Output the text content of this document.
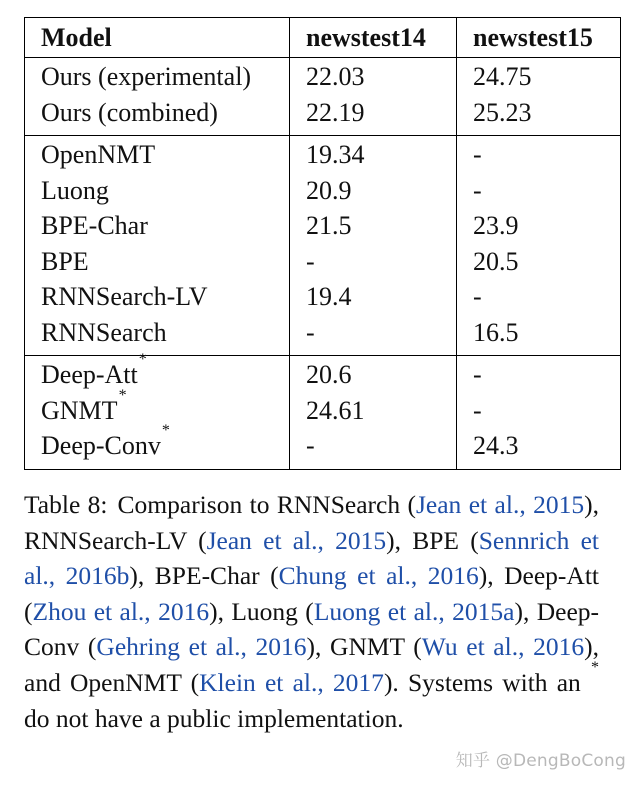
Model	newstest14	newstest15
Ours (experimental)	22.03	24.75
Ours (combined)	22.19	25.23
OpenNMT	19.34	-
Luong	20.9	-
BPE-Char	21.5	23.9
BPE	-	20.5
RNNSearch-LV	19.4	-
RNNSearch	-	16.5
Deep-Att*	20.6	-
GNMT*	24.61	-
Deep-Conv*	-	24.3

Table 8: Comparison to RNNSearch (Jean et al., 2015), RNNSearch-LV (Jean et al., 2015), BPE (Sennrich et al., 2016b), BPE-Char (Chung et al., 2016), Deep-Att (Zhou et al., 2016), Luong (Luong et al., 2015a), Deep-Conv (Gehring et al., 2016), GNMT (Wu et al., 2016), and OpenNMT (Klein et al., 2017). Systems with an * do not have a public implementation.

知乎 @DengBoCong
